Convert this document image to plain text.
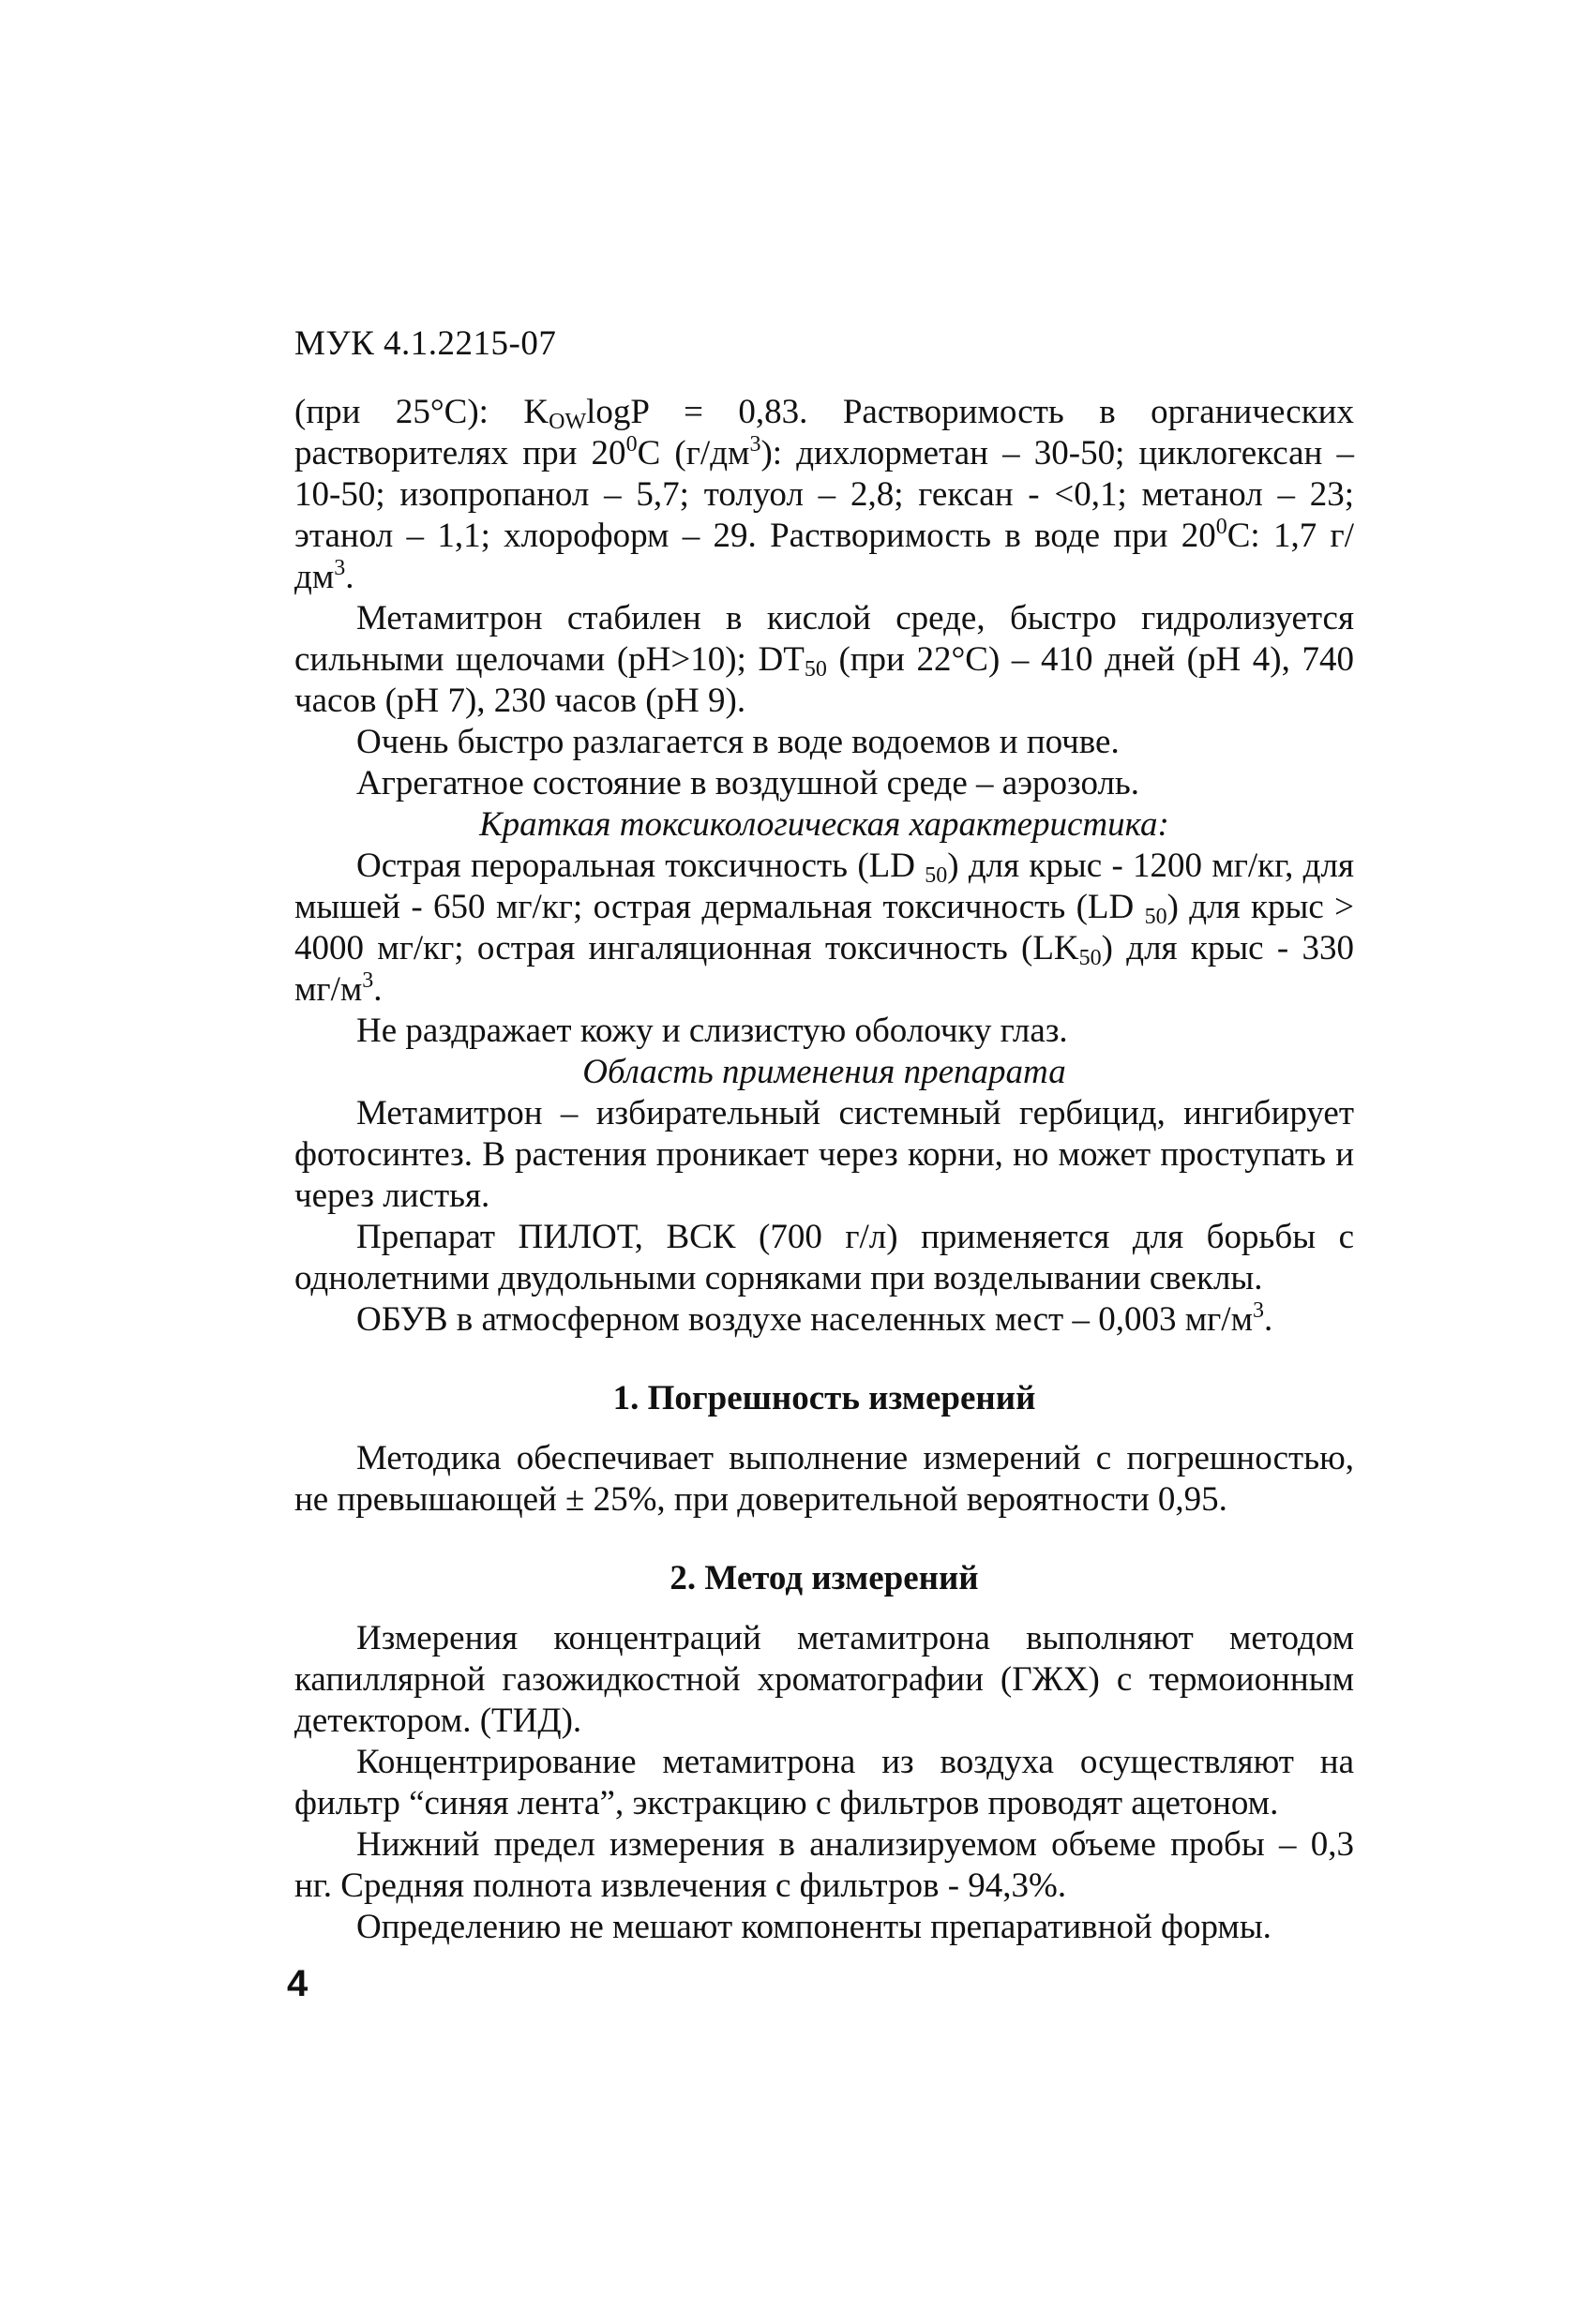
МУК 4.1.2215-07

(при 25°С): $K_{OW}\log P = 0,83$. Растворимость в органических растворителях при $20^0С$ $(г/дм^3)$: дихлорметан – 30-50; циклогексан – 10-50; изопропанол – 5,7; толуол – 2,8; гексан - <0,1; метанол – 23; этанол – 1,1; хлороформ – 29. Растворимость в воде при $20^0С$: 1,7 $г/дм^3$.

Метамитрон стабилен в кислой среде, быстро гидролизуется сильными щелочами (рН>10); $DT_{50}$ (при 22°С) – 410 дней (рН 4), 740 часов (рН 7), 230 часов (рН 9).

Очень быстро разлагается в воде водоемов и почве.

Агрегатное состояние в воздушной среде – аэрозоль.

Краткая токсикологическая характеристика:

Острая пероральная токсичность (LD $_{50}$) для крыс - 1200 мг/кг, для мышей - 650 мг/кг; острая дермальная токсичность (LD $_{50}$) для крыс > 4000 мг/кг; острая ингаляционная токсичность $(LK_{50})$ для крыс - 330 $мг/м^3$.

Не раздражает кожу и слизистую оболочку глаз.

Область применения препарата

Метамитрон – избирательный системный гербицид, ингибирует фотосинтез. В растения проникает через корни, но может проступать и через листья.

Препарат ПИЛОТ, ВСК (700 г/л) применяется для борьбы с однолетними двудольными сорняками при возделывании свеклы.

ОБУВ в атмосферном воздухе населенных мест – 0,003 $мг/м^3$.

1. Погрешность измерений

Методика обеспечивает выполнение измерений с погрешностью, не превышающей ± 25%, при доверительной вероятности 0,95.

2. Метод измерений

Измерения концентраций метамитрона выполняют методом капиллярной газожидкостной хроматографии (ГЖХ) с термоионным детектором. (ТИД).

Концентрирование метамитрона из воздуха осуществляют на фильтр “синяя лента”, экстракцию с фильтров проводят ацетоном.

Нижний предел измерения в анализируемом объеме пробы – 0,3 нг. Средняя полнота извлечения с фильтров - 94,3%.

Определению не мешают компоненты препаративной формы.

4
